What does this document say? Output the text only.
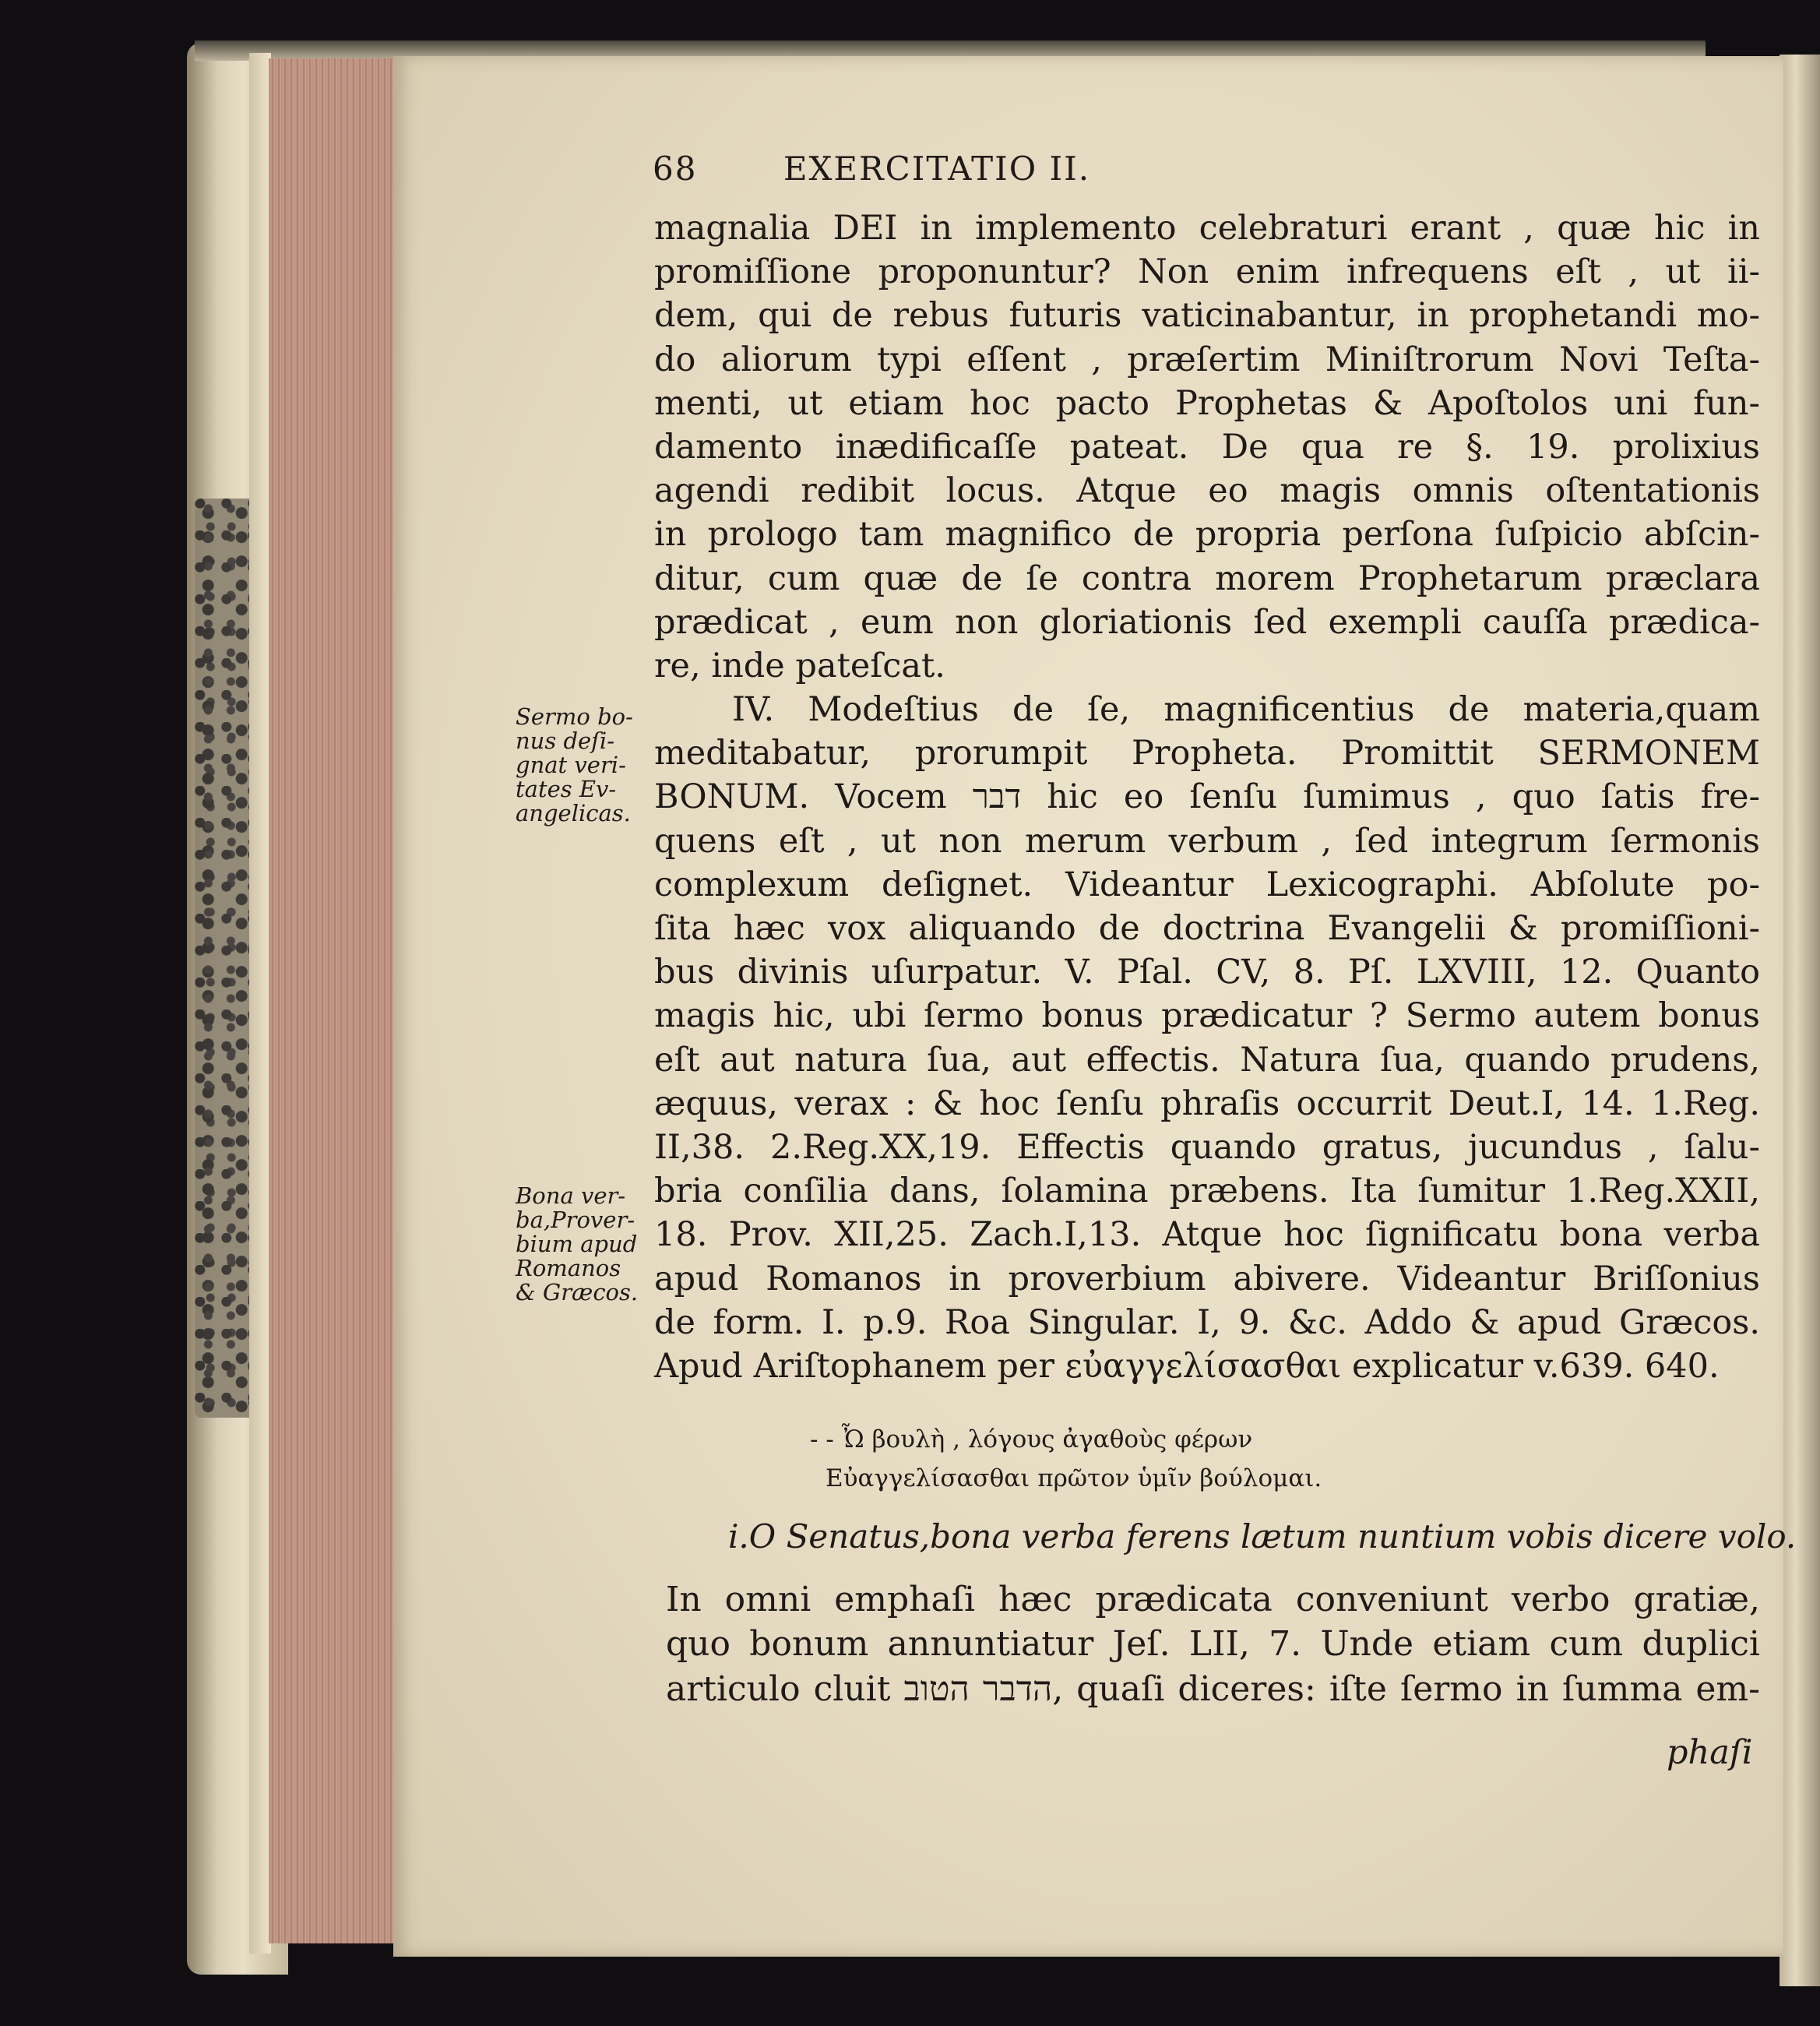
68	EXERCITATIO II.
magnalia DEI in implemento celebraturi erant , quæ hic in
promiſſione proponuntur? Non enim infrequens eſt , ut ii-
dem, qui de rebus futuris vaticinabantur, in prophetandi mo-
do aliorum typi eſſent , præſertim Miniſtrorum Novi Teſta-
menti, ut etiam hoc pacto Prophetas & Apoſtolos uni fun-
damento inædificaſſe pateat. De qua re §. 19. prolixius
agendi redibit locus. Atque eo magis omnis oſtentationis
in prologo tam magnifico de propria perſona ſuſpicio abſcin-
ditur, cum quæ de ſe contra morem Prophetarum præclara
prædicat , eum non gloriationis ſed exempli cauſſa prædica-
re, inde pateſcat.
IV. Modeſtius de ſe, magnificentius de materia,quam
meditabatur, prorumpit Propheta. Promittit SERMONEM
BONUM. Vocem דבר hic eo ſenſu ſumimus , quo ſatis fre-
quens eſt , ut non merum verbum , ſed integrum ſermonis
complexum deſignet. Videantur Lexicographi. Abſolute po-
ſita hæc vox aliquando de doctrina Evangelii & promiſſioni-
bus divinis uſurpatur. V. Pſal. CV, 8. Pſ. LXVIII, 12. Quanto
magis hic, ubi ſermo bonus prædicatur ? Sermo autem bonus
eſt aut natura ſua, aut effectis. Natura ſua, quando prudens,
æquus, verax : & hoc ſenſu phraſis occurrit Deut.I, 14. 1.Reg.
II,38. 2.Reg.XX,19. Effectis quando gratus, jucundus , ſalu-
bria conſilia dans, ſolamina præbens. Ita ſumitur 1.Reg.XXII,
18. Prov. XII,25. Zach.I,13. Atque hoc ſignificatu bona verba
apud Romanos in proverbium abivere. Videantur Briſſonius
de form. I. p.9. Roa Singular. I, 9. &c. Addo & apud Græcos.
Apud Ariſtophanem per εὐαγγελίσασθαι explicatur v.639. 640.
Sermo bo-
nus deſi-
gnat veri-
tates Ev-
angelicas.
Bona ver-
ba,Prover-
bium apud
Romanos
& Græcos.
- - Ὦ βουλὴ , λόγους ἀγαθοὺς φέρων
Εὐαγγελίσασθαι πρῶτον ὑμῖν βούλομαι.
i.O Senatus,bona verba ferens lætum nuntium vobis dicere volo.
In omni emphaſi hæc prædicata conveniunt verbo gratiæ,
quo bonum annuntiatur Jeſ. LII, 7. Unde etiam cum duplici
articulo cluit הדבר הטוב, quaſi diceres: iſte ſermo in ſumma em-
phaſi
